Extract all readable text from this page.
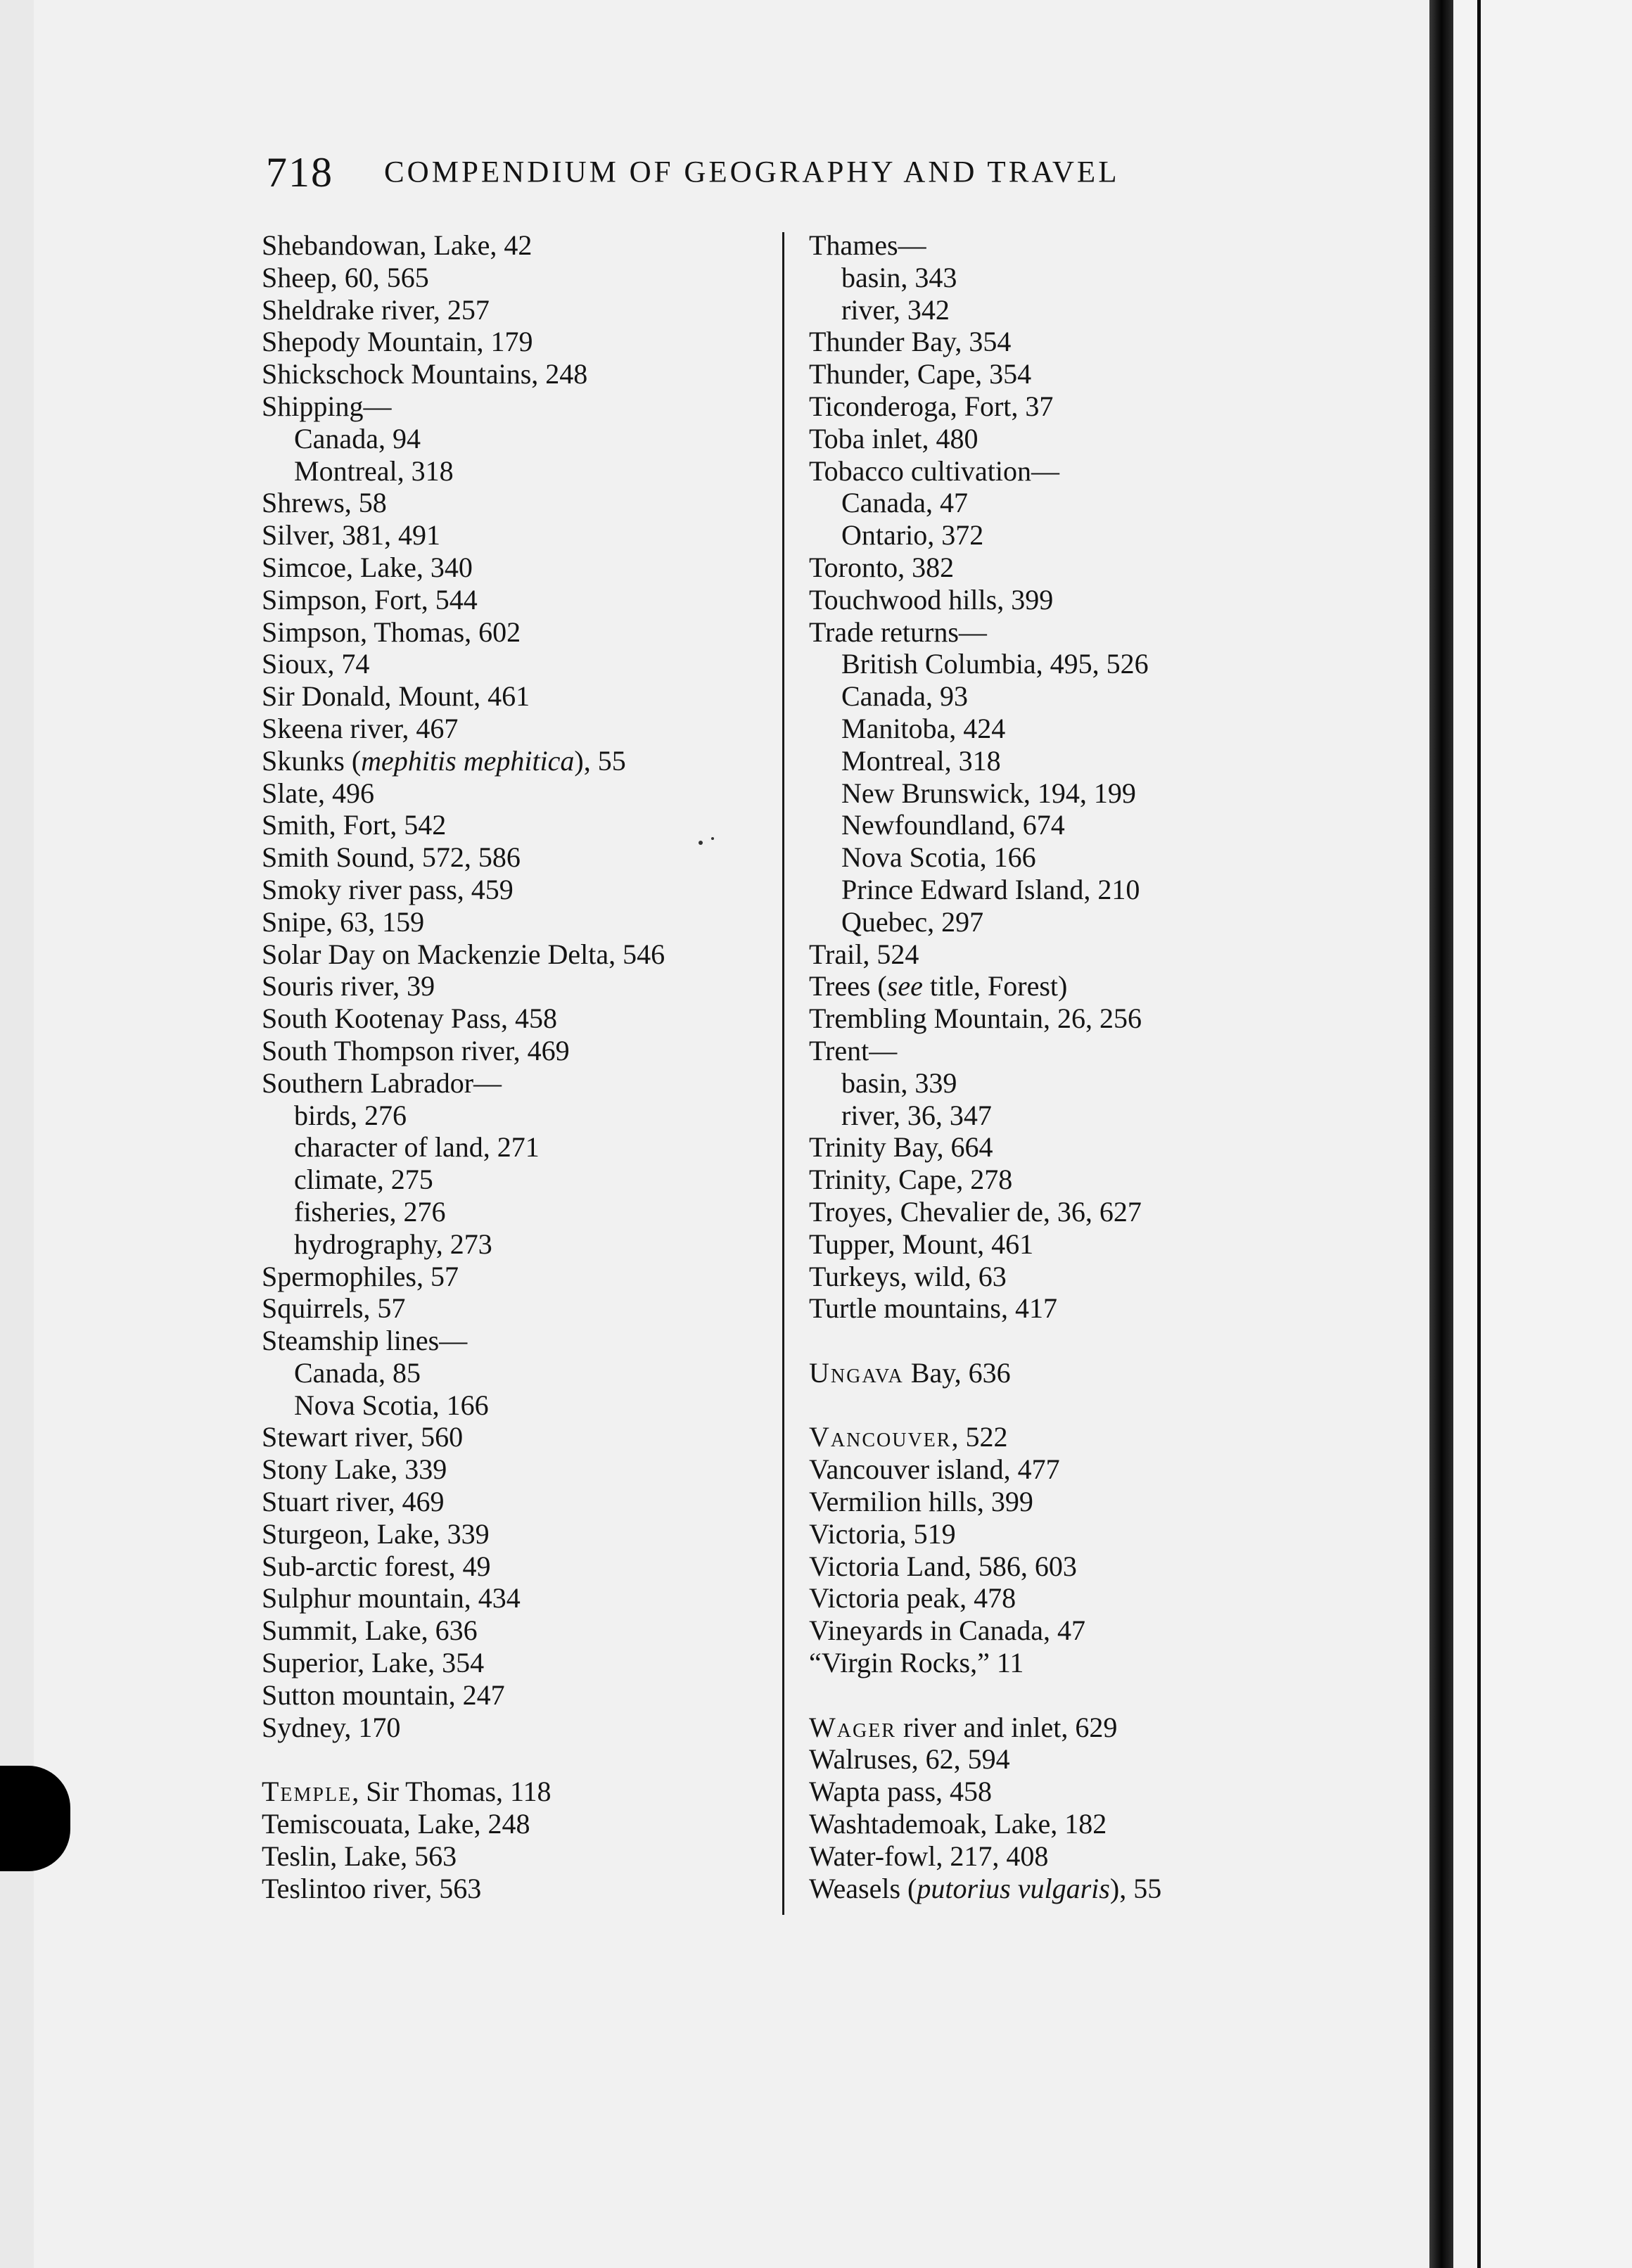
718 COMPENDIUM OF GEOGRAPHY AND TRAVEL
Shebandowan, Lake, 42
Sheep, 60, 565
Sheldrake river, 257
Shepody Mountain, 179
Shickschock Mountains, 248
Shipping—
Canada, 94
Montreal, 318
Shrews, 58
Silver, 381, 491
Simcoe, Lake, 340
Simpson, Fort, 544
Simpson, Thomas, 602
Sioux, 74
Sir Donald, Mount, 461
Skeena river, 467
Skunks (mephitis mephitica), 55
Slate, 496
Smith, Fort, 542
Smith Sound, 572, 586
Smoky river pass, 459
Snipe, 63, 159
Solar Day on Mackenzie Delta, 546
Souris river, 39
South Kootenay Pass, 458
South Thompson river, 469
Southern Labrador—
birds, 276
character of land, 271
climate, 275
fisheries, 276
hydrography, 273
Spermophiles, 57
Squirrels, 57
Steamship lines—
Canada, 85
Nova Scotia, 166
Stewart river, 560
Stony Lake, 339
Stuart river, 469
Sturgeon, Lake, 339
Sub-arctic forest, 49
Sulphur mountain, 434
Summit, Lake, 636
Superior, Lake, 354
Sutton mountain, 247
Sydney, 170
Temple, Sir Thomas, 118
Temiscouata, Lake, 248
Teslin, Lake, 563
Teslintoo river, 563
Thames—
basin, 343
river, 342
Thunder Bay, 354
Thunder, Cape, 354
Ticonderoga, Fort, 37
Toba inlet, 480
Tobacco cultivation—
Canada, 47
Ontario, 372
Toronto, 382
Touchwood hills, 399
Trade returns—
British Columbia, 495, 526
Canada, 93
Manitoba, 424
Montreal, 318
New Brunswick, 194, 199
Newfoundland, 674
Nova Scotia, 166
Prince Edward Island, 210
Quebec, 297
Trail, 524
Trees (see title, Forest)
Trembling Mountain, 26, 256
Trent—
basin, 339
river, 36, 347
Trinity Bay, 664
Trinity, Cape, 278
Troyes, Chevalier de, 36, 627
Tupper, Mount, 461
Turkeys, wild, 63
Turtle mountains, 417
Ungava Bay, 636
Vancouver, 522
Vancouver island, 477
Vermilion hills, 399
Victoria, 519
Victoria Land, 586, 603
Victoria peak, 478
Vineyards in Canada, 47
“Virgin Rocks,” 11
Wager river and inlet, 629
Walruses, 62, 594
Wapta pass, 458
Washtademoak, Lake, 182
Water-fowl, 217, 408
Weasels (putorius vulgaris), 55
